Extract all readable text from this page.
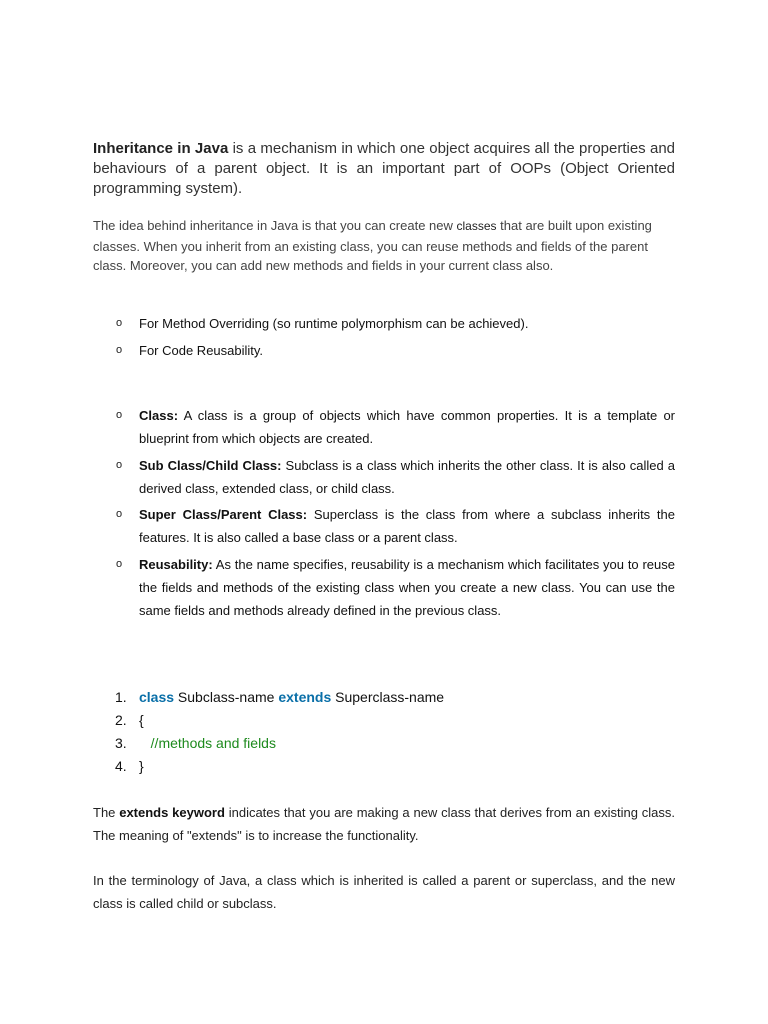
Inheritance in Java is a mechanism in which one object acquires all the properties and behaviours of a parent object. It is an important part of OOPs (Object Oriented programming system).

The idea behind inheritance in Java is that you can create new classes that are built upon existing classes. When you inherit from an existing class, you can reuse methods and fields of the parent class. Moreover, you can add new methods and fields in your current class also.

o For Method Overriding (so runtime polymorphism can be achieved).
o For Code Reusability.
o Class: A class is a group of objects which have common properties. It is a template or blueprint from which objects are created.
o Sub Class/Child Class: Subclass is a class which inherits the other class. It is also called a derived class, extended class, or child class.
o Super Class/Parent Class: Superclass is the class from where a subclass inherits the features. It is also called a base class or a parent class.
o Reusability: As the name specifies, reusability is a mechanism which facilitates you to reuse the fields and methods of the existing class when you create a new class. You can use the same fields and methods already defined in the previous class.
1. class Subclass-name extends Superclass-name
2. {
3.	//methods and fields
4. }

The extends keyword indicates that you are making a new class that derives from an existing class. The meaning of "extends" is to increase the functionality.

In the terminology of Java, a class which is inherited is called a parent or superclass, and the new class is called child or subclass.
